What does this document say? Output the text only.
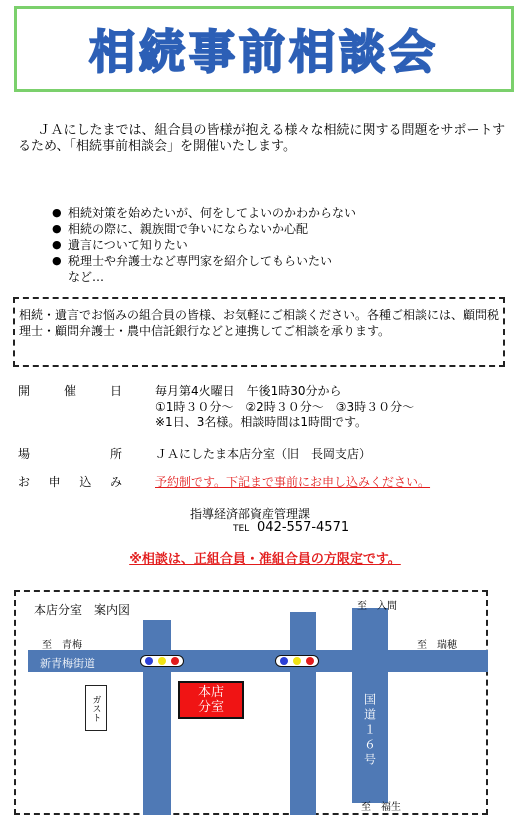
相続事前相談会
ＪＡにしたまでは、組合員の皆様が抱える様々な相続に関する問題をサポートするため、「相続事前相談会」を開催いたします。
● 相続対策を始めたいが、何をしてよいのかわからない
● 相続の際に、親族間で争いにならないか心配
● 遺言について知りたい
● 税理士や弁護士など専門家を紹介してもらいたい
など…
相続・遺言でお悩みの組合員の皆様、お気軽にご相談ください。各種ご相談には、顧問税理士・顧問弁護士・農中信託銀行などと連携してご相談を承ります。
開	催	日	毎月第4火曜日　午後1時30分から
①1時３０分～　②2時３０分～　③3時３０分～
※1日、3名様。相談時間は1時間です。
場	所	ＪＡにしたま本店分室（旧　長岡支店）
お 申 込 み	予約制です。下記まで事前にお申し込みください。
指導経済部資産管理課
TEL 042-557-4571
※相談は、正組合員・准組合員の方限定です。
本店分室　案内図
至　青梅
至　入間
至　瑞穂
至　福生
新青梅街道
ガスト
本店
分室	国道１６号
